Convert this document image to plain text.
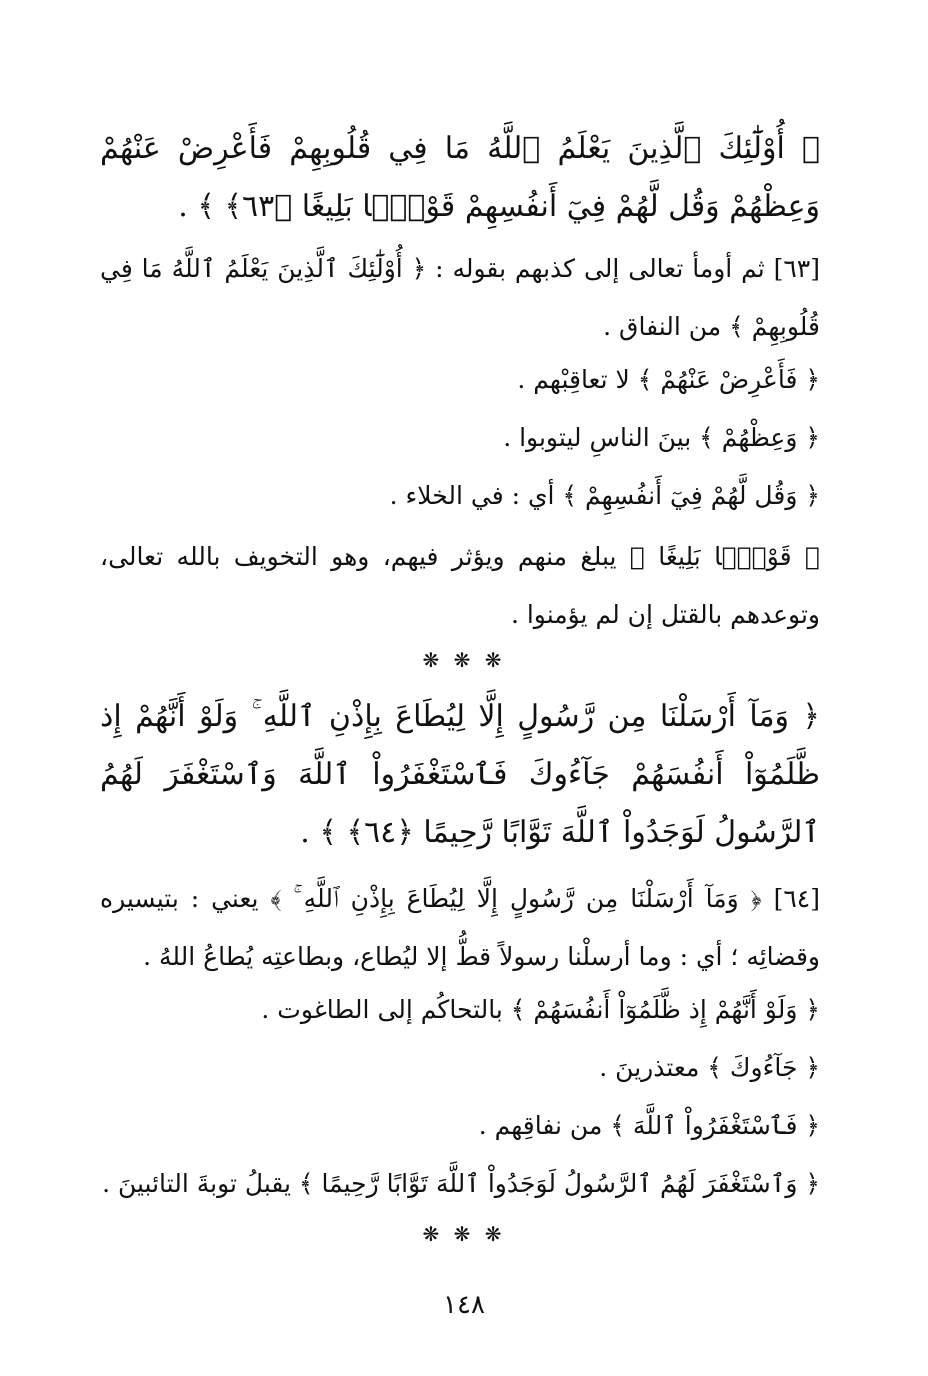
﴿ أُوْلَٰٓئِكَ ٱلَّذِينَ يَعْلَمُ ٱللَّهُ مَا فِي قُلُوبِهِمْ فَأَعْرِضْ عَنْهُمْ وَعِظْهُمْ وَقُل لَّهُمْ فِيٓ أَنفُسِهِمْ قَوْلًۢا بَلِيغًا ﴿٦٣﴾ ﴾ .

[٦٣] ثم أومأ تعالى إلى كذبهم بقوله : ﴿ أُوْلَٰٓئِكَ ٱلَّذِينَ يَعْلَمُ ٱللَّهُ مَا فِي قُلُوبِهِمْ ﴾ من النفاق .

﴿ فَأَعْرِضْ عَنْهُمْ ﴾ لا تعاقِبْهم .

﴿ وَعِظْهُمْ ﴾ بينَ الناسِ ليتوبوا .

﴿ وَقُل لَّهُمْ فِيٓ أَنفُسِهِمْ ﴾ أي : في الخلاء .

﴿ قَوْلًۢا بَلِيغًا ﴾ يبلغ منهم ويؤثر فيهم، وهو التخويف بالله تعالى، وتوعدهم بالقتل إن لم يؤمنوا .

❋ ❋ ❋

﴿ وَمَآ أَرْسَلْنَا مِن رَّسُولٍ إِلَّا لِيُطَاعَ بِإِذْنِ ٱللَّهِ ۚ وَلَوْ أَنَّهُمْ إِذ ظَّلَمُوٓاْ أَنفُسَهُمْ جَآءُوكَ فَٱسْتَغْفَرُواْ ٱللَّهَ وَٱسْتَغْفَرَ لَهُمُ ٱلرَّسُولُ لَوَجَدُواْ ٱللَّهَ تَوَّابًا رَّحِيمًا ﴿٦٤﴾ ﴾ .

[٦٤] ﴿ وَمَآ أَرْسَلْنَا مِن رَّسُولٍ إِلَّا لِيُطَاعَ بِإِذْنِ ٱللَّهِ ۚ ﴾ يعني : بتيسيره وقضائِه ؛ أي : وما أرسلْنا رسولاً قطُّ إلا ليُطاع، وبطاعتِه يُطاعُ اللهُ .

﴿ وَلَوْ أَنَّهُمْ إِذ ظَّلَمُوٓاْ أَنفُسَهُمْ ﴾ بالتحاكُم إلى الطاغوت .

﴿ جَآءُوكَ ﴾ معتذرينَ .

﴿ فَٱسْتَغْفَرُواْ ٱللَّهَ ﴾ من نفاقِهم .

﴿ وَٱسْتَغْفَرَ لَهُمُ ٱلرَّسُولُ لَوَجَدُواْ ٱللَّهَ تَوَّابًا رَّحِيمًا ﴾ يقبلُ توبةَ التائبينَ .

❋ ❋ ❋
١٤٨
